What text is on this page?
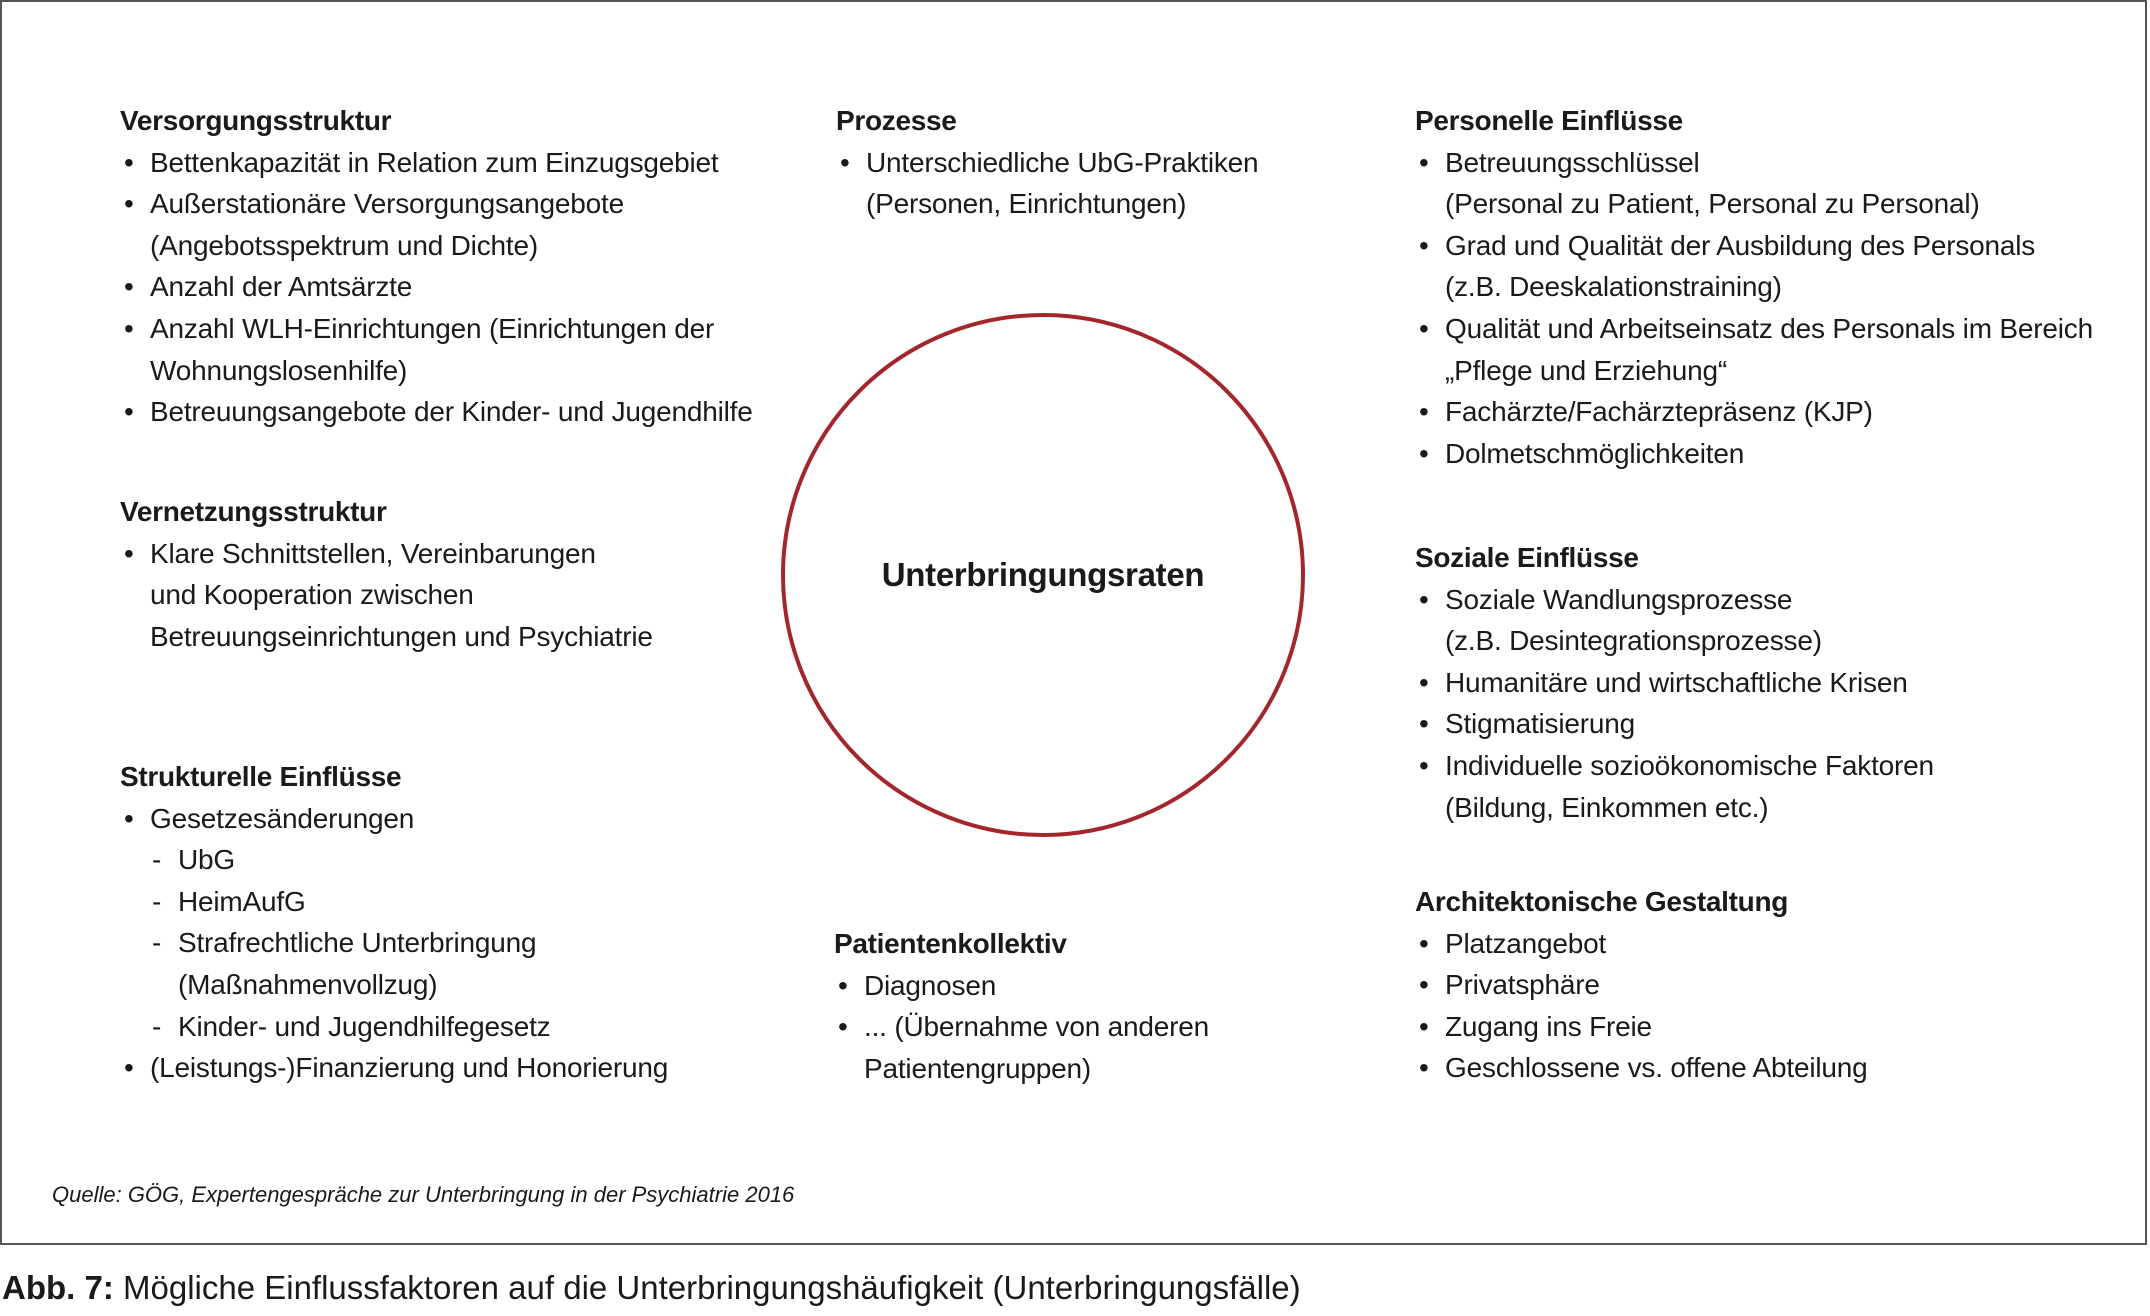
Versorgungsstruktur
• Bettenkapazität in Relation zum Einzugsgebiet
• Außerstationäre Versorgungsangebote
(Angebotsspektrum und Dichte)
• Anzahl der Amtsärzte
• Anzahl WLH-Einrichtungen (Einrichtungen der
Wohnungslosenhilfe)
• Betreuungsangebote der Kinder- und Jugendhilfe
Vernetzungsstruktur
• Klare Schnittstellen, Vereinbarungen
und Kooperation zwischen
Betreuungseinrichtungen und Psychiatrie
Strukturelle Einflüsse
• Gesetzesänderungen
- UbG
- HeimAufG
- Strafrechtliche Unterbringung
(Maßnahmenvollzug)
- Kinder- und Jugendhilfegesetz
• (Leistungs-)Finanzierung und Honorierung
Prozesse
• Unterschiedliche UbG-Praktiken
(Personen, Einrichtungen)
Unterbringungsraten
Patientenkollektiv
• Diagnosen
• ... (Übernahme von anderen
Patientengruppen)
Personelle Einflüsse
• Betreuungsschlüssel
(Personal zu Patient, Personal zu Personal)
• Grad und Qualität der Ausbildung des Personals
(z.B. Deeskalationstraining)
• Qualität und Arbeitseinsatz des Personals im Bereich
„Pflege und Erziehung“
• Fachärzte/Fachärztepräsenz (KJP)
• Dolmetschmöglichkeiten
Soziale Einflüsse
• Soziale Wandlungsprozesse
(z.B. Desintegrationsprozesse)
• Humanitäre und wirtschaftliche Krisen
• Stigmatisierung
• Individuelle sozioökonomische Faktoren
(Bildung, Einkommen etc.)
Architektonische Gestaltung
• Platzangebot
• Privatsphäre
• Zugang ins Freie
• Geschlossene vs. offene Abteilung
Quelle: GÖG, Expertengespräche zur Unterbringung in der Psychiatrie 2016
Abb. 7: Mögliche Einflussfaktoren auf die Unterbringungshäufigkeit (Unterbringungsfälle)
